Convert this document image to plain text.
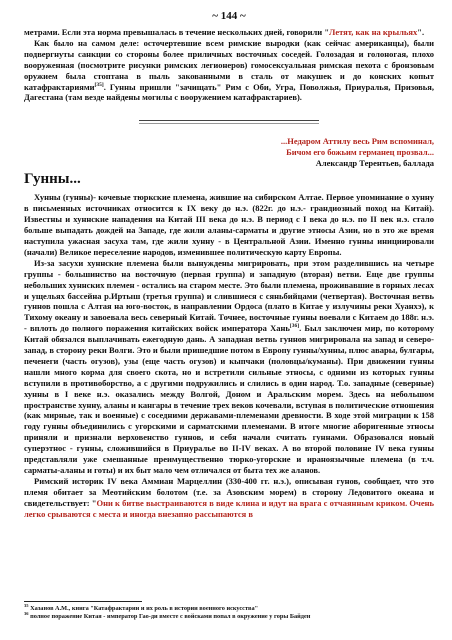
~ 144 ~

метрами. Если эта норма превышалась в течение нескольких дней, говорили "Летят, как на крыльях".

Как было на самом деле: осточертевшие всем римские выродки (как сейчас американцы), были подвергнуты санкции со стороны более приличных восточных соседей. Голозадая и голоногая, плохо вооруженная (посмотрите рисунки римских легионеров) гомосексуальная римская пехота с бронзовым оружием была стоптана в пыль закованными в сталь от макушек и до конских копыт катафрактариями[35]. Гунны пришли "зачищать" Рим с Оби, Угра, Поволжья, Приуралья, Призовья, Дагестана (там везде найдены могилы с вооружением катафрактариев).

...Недаром Аттилу весь Рим вспоминал,
Бичом его божьим германец прозвал...
Александр Терентьев, баллада
Гунны...

Хунны (гунны)- кочевые тюркские племена, жившие на сибирском Алтае. Первое упоминание о хунну в письменных источниках относится к IX веку до н.э. (822г. до н.э.- грандиозный поход на Китай). Известны и хуннские нападения на Китай III века до н.э. В период с I века до н.э. по II век н.э. стало больше выпадать дождей на Западе, где жили аланы-сарматы и другие этносы Азии, но в это же время наступила ужасная засуха там, где жили хунну - в Центральной Азии. Именно гунны инициировали (начали) Великое переселение народов, изменившее политическую карту Европы.

Из-за засухи хуннские племена были вынуждены мигрировать, при этом разделившись на четыре группы - большинство на восточную (первая группа) и западную (вторая) ветви. Еще две группы небольших хуннских племен - остались на старом месте. Это были племена, проживавшие в горных лесах и ущельях бассейна р.Иртыш (третья группа) и слившиеся с сяньбийцами (четвертая). Восточная ветвь гуннов пошла с Алтая на юго-восток, в направлении Ордоса (плато в Китае у излучины реки Хуанхэ), к Тихому океану и завоевала весь северный Китай. Точнее, восточные гунны воевали с Китаем до 188г. н.э. - вплоть до полного поражения китайских войск императора Хань[36]. Был заключен мир, по которому Китай обязался выплачивать ежегодную дань. А западная ветвь гуннов мигрировала на запад и северо-запад, в сторону реки Волги. Это и были пришедшие потом в Европу гунны/хунны, плюс авары, булгары, печенеги (часть огузов), узы (еще часть огузов) и кыпчаки (половцы/куманы). При движении гунны нашли много корма для своего скота, но и встретили сильные этносы, с одними из которых гунны вступили в противоборство, а с другими подружились и слились в один народ. Т.о. западные (северные) хунны в I веке н.э. оказались между Волгой, Доном и Аральским морем. Здесь на небольшом пространстве хунну, аланы и кангары в течение трех веков кочевали, вступая в политические отношения (как мирные, так и военные) с соседними державами-племенами древности. В ходе этой миграции к 158 году гунны объединились с угорскими и сарматскими племенами. В итоге многие аборигенные этносы приняли и признали верховенство гуннов, и себя начали считать гуннами. Образовался новый суперэтнос - гунны, сложившийся в Приуралье во II-IV веках. А во второй половине IV века гунны представляли уже смешанные преимущественно тюрко-угорские и ираноязычные племена (в т.ч. сарматы-аланы и готы) и их быт мало чем отличался от быта тех же аланов.

Римский историк IV века Аммиан Марцеллин (330-400 гг. н.э.), описывая гунов, сообщает, что это племя обитает за Меотийским болотом (т.е. за Азовским морем) в сторону Ледовитого океана и свидетельствует: "Они к битве выстраиваются в виде клина и идут на врага с отчаянным криком. Очень легко срываются с места и иногда внезапно рассыпаются в

$^{35}$ Хазанов А.М., книга "Катафрактарии и их роль в истории военного искусства"
$^{36}$ полное поражение Китая - император Гао-ди вместе с войсками попал в окружение у горы Байден
